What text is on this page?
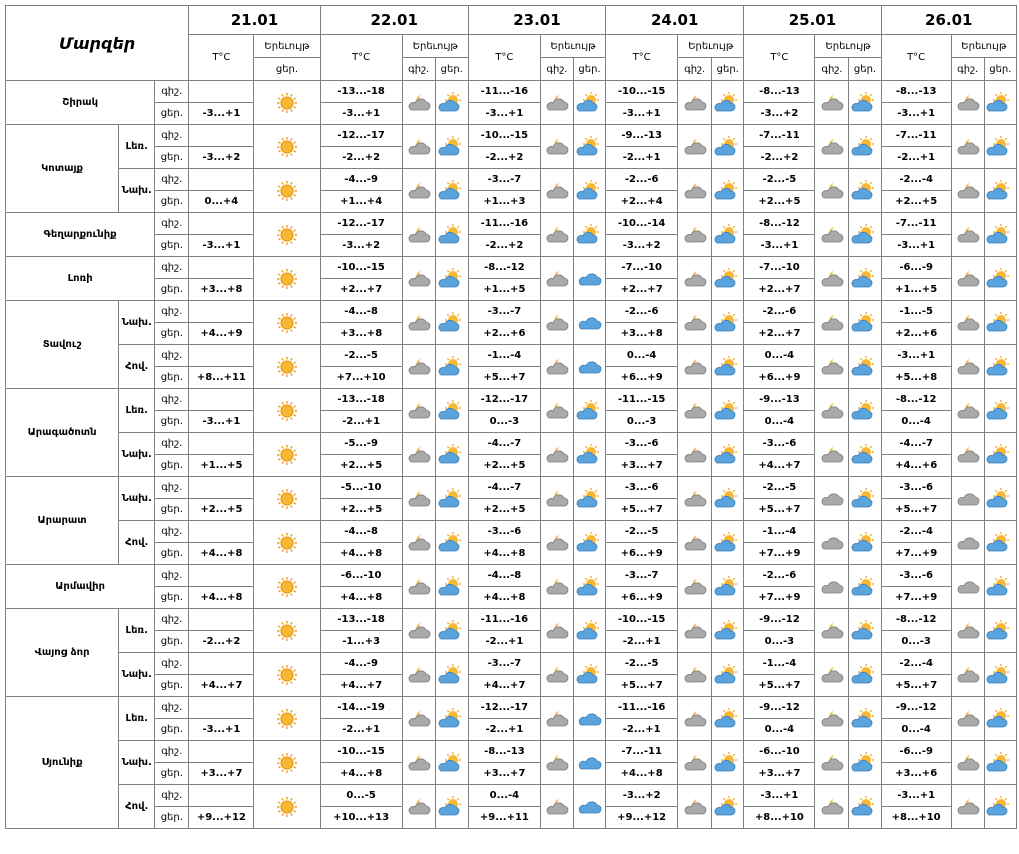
Մարզեր			21.01		22.01			23.01			24.01			25.01			26.01		
			T°C	Երեւույթ	T°C	Երեւույթ		T°C	Երեւույթ		T°C	Երեւույթ		T°C	Երեւույթ		T°C	Երեւույթ	
				ցեր.		գիշ.	ցեր.		գիշ.	ցեր.		գիշ.	ցեր.		գիշ.	ցեր.		գիշ.	ցեր.
Շիրակ		գիշ.			-13...-18			-11...-16			-10...-15			-8...-13			-8...-13	

		ցեր.	-3...+1		-3...+1			-3...+1			-3...+1			-3...+2			-3...+1		
Կոտայք	Լեռ.	գիշ.			-12...-17			-10...-15			-9...-13			-7...-11			-7...-11	

		ցեր.	-3...+2		-2...+2			-2...+2			-2...+1			-2...+2			-2...+1		
	Նախ.	գիշ.			-4...-9			-3...-7			-2...-6			-2...-5			-2...-4	

		ցեր.	0...+4		+1...+4			+1...+3			+2...+4			+2...+5			+2...+5		
Գեղարքունիք		գիշ.			-12...-17			-11...-16			-10...-14			-8...-12			-7...-11	

		ցեր.	-3...+1		-3...+2			-2...+2			-3...+2			-3...+1			-3...+1		
Լոռի		գիշ.			-10...-15			-8...-12			-7...-10			-7...-10			-6...-9	

		ցեր.	+3...+8		+2...+7			+1...+5			+2...+7			+2...+7			+1...+5		
Տավուշ	Նախ.	գիշ.			-4...-8			-3...-7			-2...-6			-2...-6			-1...-5	

		ցեր.	+4...+9		+3...+8			+2...+6			+3...+8			+2...+7			+2...+6		
	Հով.	գիշ.			-2...-5			-1...-4			0...-4			0...-4			-3...+1	

		ցեր.	+8...+11		+7...+10			+5...+7			+6...+9			+6...+9			+5...+8		
Արագածոտն	Լեռ.	գիշ.			-13...-18			-12...-17			-11...-15			-9...-13			-8...-12	

		ցեր.	-3...+1		-2...+1			0...-3			0...-3			0...-4			0...-4		
	Նախ.	գիշ.			-5...-9			-4...-7			-3...-6			-3...-6			-4...-7	

		ցեր.	+1...+5		+2...+5			+2...+5			+3...+7			+4...+7			+4...+6		
Արարատ	Նախ.	գիշ.			-5...-10			-4...-7			-3...-6			-2...-5			-3...-6	

		ցեր.	+2...+5		+2...+5			+2...+5			+5...+7			+5...+7			+5...+7		
	Հով.	գիշ.			-4...-8			-3...-6			-2...-5			-1...-4			-2...-4	

		ցեր.	+4...+8		+4...+8			+4...+8			+6...+9			+7...+9			+7...+9		
Արմավիր		գիշ.			-6...-10			-4...-8			-3...-7			-2...-6			-3...-6	

		ցեր.	+4...+8		+4...+8			+4...+8			+6...+9			+7...+9			+7...+9		
Վայոց ձոր	Լեռ.	գիշ.			-13...-18			-11...-16			-10...-15			-9...-12			-8...-12	

		ցեր.	-2...+2		-1...+3			-2...+1			-2...+1			0...-3			0...-3		
	Նախ.	գիշ.			-4...-9			-3...-7			-2...-5			-1...-4			-2...-4	

		ցեր.	+4...+7		+4...+7			+4...+7			+5...+7			+5...+7			+5...+7		
Սյունիք	Լեռ.	գիշ.			-14...-19			-12...-17			-11...-16			-9...-12			-9...-12	

		ցեր.	-3...+1		-2...+1			-2...+1			-2...+1			0...-4			0...-4		
	Նախ.	գիշ.			-10...-15			-8...-13			-7...-11			-6...-10			-6...-9	

		ցեր.	+3...+7		+4...+8			+3...+7			+4...+8			+3...+7			+3...+6		
	Հով.	գիշ.			0...-5			0...-4			-3...+2			-3...+1			-3...+1	

		ցեր.	+9...+12		+10...+13			+9...+11			+9...+12			+8...+10			+8...+10		
